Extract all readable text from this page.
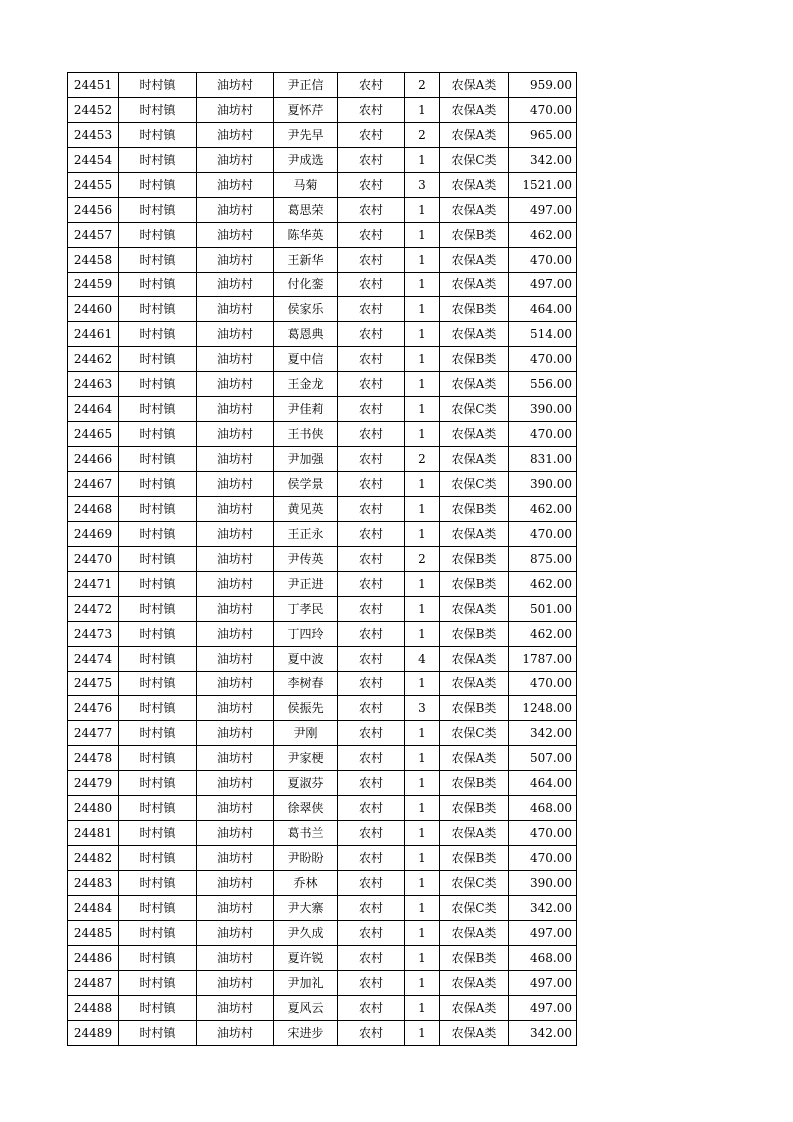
24451	时村镇	油坊村	尹正信	农村	2	农保A类	959.00
24452	时村镇	油坊村	夏怀芹	农村	1	农保A类	470.00
24453	时村镇	油坊村	尹先早	农村	2	农保A类	965.00
24454	时村镇	油坊村	尹成选	农村	1	农保C类	342.00
24455	时村镇	油坊村	马菊	农村	3	农保A类	1521.00
24456	时村镇	油坊村	葛思荣	农村	1	农保A类	497.00
24457	时村镇	油坊村	陈华英	农村	1	农保B类	462.00
24458	时村镇	油坊村	王新华	农村	1	农保A类	470.00
24459	时村镇	油坊村	付化銮	农村	1	农保A类	497.00
24460	时村镇	油坊村	侯家乐	农村	1	农保B类	464.00
24461	时村镇	油坊村	葛恩典	农村	1	农保A类	514.00
24462	时村镇	油坊村	夏中信	农村	1	农保B类	470.00
24463	时村镇	油坊村	王金龙	农村	1	农保A类	556.00
24464	时村镇	油坊村	尹佳莉	农村	1	农保C类	390.00
24465	时村镇	油坊村	王书侠	农村	1	农保A类	470.00
24466	时村镇	油坊村	尹加强	农村	2	农保A类	831.00
24467	时村镇	油坊村	侯学景	农村	1	农保C类	390.00
24468	时村镇	油坊村	黄见英	农村	1	农保B类	462.00
24469	时村镇	油坊村	王正永	农村	1	农保A类	470.00
24470	时村镇	油坊村	尹传英	农村	2	农保B类	875.00
24471	时村镇	油坊村	尹正进	农村	1	农保B类	462.00
24472	时村镇	油坊村	丁孝民	农村	1	农保A类	501.00
24473	时村镇	油坊村	丁四玲	农村	1	农保B类	462.00
24474	时村镇	油坊村	夏中波	农村	4	农保A类	1787.00
24475	时村镇	油坊村	李树春	农村	1	农保A类	470.00
24476	时村镇	油坊村	侯振先	农村	3	农保B类	1248.00
24477	时村镇	油坊村	尹刚	农村	1	农保C类	342.00
24478	时村镇	油坊村	尹家梗	农村	1	农保A类	507.00
24479	时村镇	油坊村	夏淑芬	农村	1	农保B类	464.00
24480	时村镇	油坊村	徐翠侠	农村	1	农保B类	468.00
24481	时村镇	油坊村	葛书兰	农村	1	农保A类	470.00
24482	时村镇	油坊村	尹盼盼	农村	1	农保B类	470.00
24483	时村镇	油坊村	乔林	农村	1	农保C类	390.00
24484	时村镇	油坊村	尹大寨	农村	1	农保C类	342.00
24485	时村镇	油坊村	尹久成	农村	1	农保A类	497.00
24486	时村镇	油坊村	夏许锐	农村	1	农保B类	468.00
24487	时村镇	油坊村	尹加礼	农村	1	农保A类	497.00
24488	时村镇	油坊村	夏风云	农村	1	农保A类	497.00
24489	时村镇	油坊村	宋进步	农村	1	农保A类	342.00
